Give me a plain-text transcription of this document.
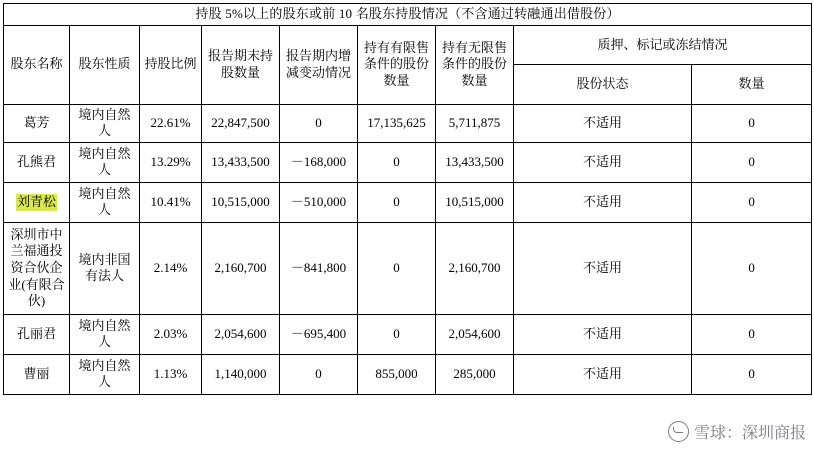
持股 5%以上的股东或前 10 名股东持股情况（不含通过转融通出借股份）								
股东名称	股东性质	持股比例	报告期末持股数量	报告期内增减变动情况	持有有限售条件的股份数量	持有无限售条件的股份数量	质押、标记或冻结情况	
							股份状态	数量
葛芳	境内自然人	22.61%	22,847,500	0	17,135,625	5,711,875	不适用	0
孔熊君	境内自然人	13.29%	13,433,500	－168,000	0	13,433,500	不适用	0
刘青松	境内自然人	10.41%	10,515,000	－510,000	0	10,515,000	不适用	0
深圳市中兰福通投资合伙企业(有限合伙)	境内非国有法人	2.14%	2,160,700	－841,800	0	2,160,700	不适用	0
孔丽君	境内自然人	2.03%	2,054,600	－695,400	0	2,054,600	不适用	0
曹丽	境内自然人	1.13%	1,140,000	0	855,000	285,000	不适用	0
雪球：深圳商报
